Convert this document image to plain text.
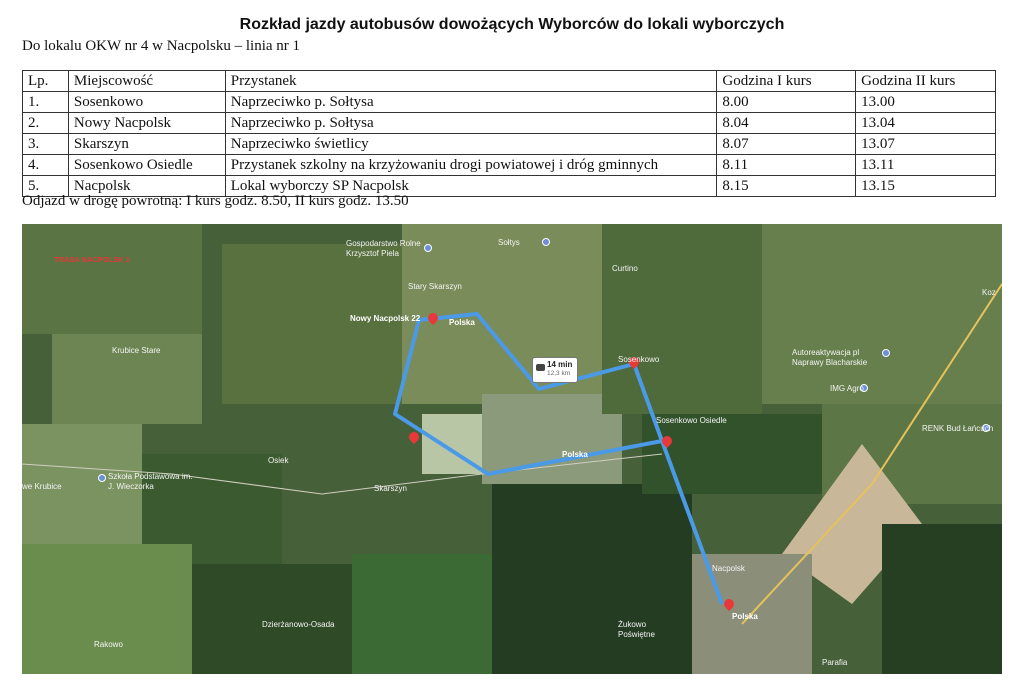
Rozkład jazdy autobusów dowożących Wyborców do lokali wyborczych
Do lokalu OKW nr 4 w Nacpolsku – linia nr 1
Lp.	Miejscowość	Przystanek	Godzina I kurs	Godzina II kurs
1.	Sosenkowo	Naprzeciwko p. Sołtysa	8.00	13.00
2.	Nowy Nacpolsk	Naprzeciwko p. Sołtysa	8.04	13.04
3.	Skarszyn	Naprzeciwko świetlicy	8.07	13.07
4.	Sosenkowo Osiedle	Przystanek szkolny na krzyżowaniu drogi powiatowej i dróg gminnych	8.11	13.11
5.	Nacpolsk	Lokal wyborczy SP Nacpolsk	8.15	13.15
Odjazd w drogę powrotną: I kurs godz. 8.50, II kurs godz. 13.50
TRASA NACPOLSK 1
14 min
12,3 km
Gospodarstwo Rolne Krzysztof Piela
Sołtys
Curtino
Stary Skarszyn
Nowy Nacpolsk 22	Polska
Sosenkowo
Autoreaktywacja pl Naprawy Blacharskie
IMG Agro
Krubice Stare
Sosenkowo Osiedle
Polska
RENK Bud Łańcuch
Osiek
Szkoła Podstawowa im. J. Wieczorka
we Krubice	Skarszyn
Nacpolsk
Polska
Dzierżanowo-Osada	Żukowo Poświętne
Rakowo
Koz
Parafia
